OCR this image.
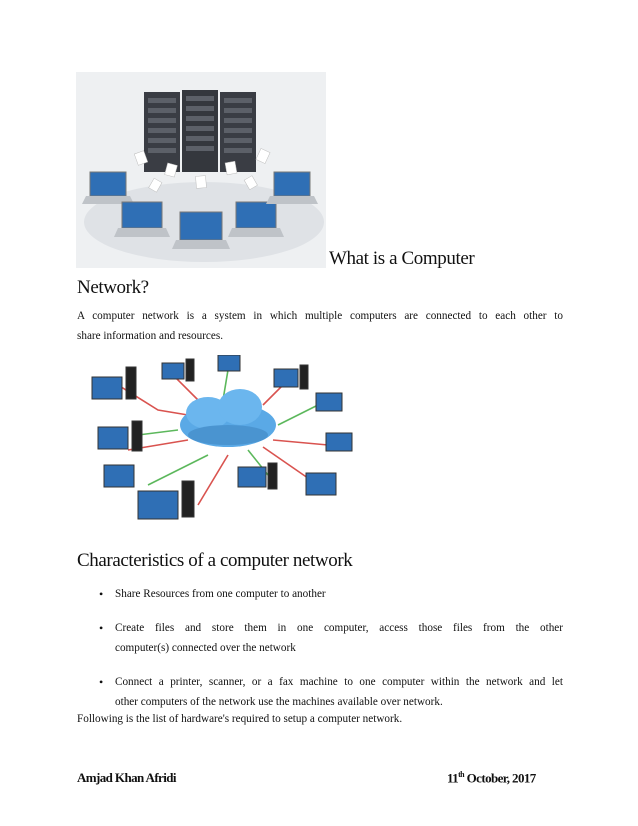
What is a Computer
Network?
A computer network is a system in which multiple computers are connected to each other to
share information and resources.
Characteristics of a computer network
• Share Resources from one computer to another
• Create files and store them in one computer, access those files from the other
computer(s) connected over the network
• Connect a printer, scanner, or a fax machine to one computer within the network and let
other computers of the network use the machines available over network.
Following is the list of hardware's required to setup a computer network.
Amjad Khan Afridi	11th October, 2017
